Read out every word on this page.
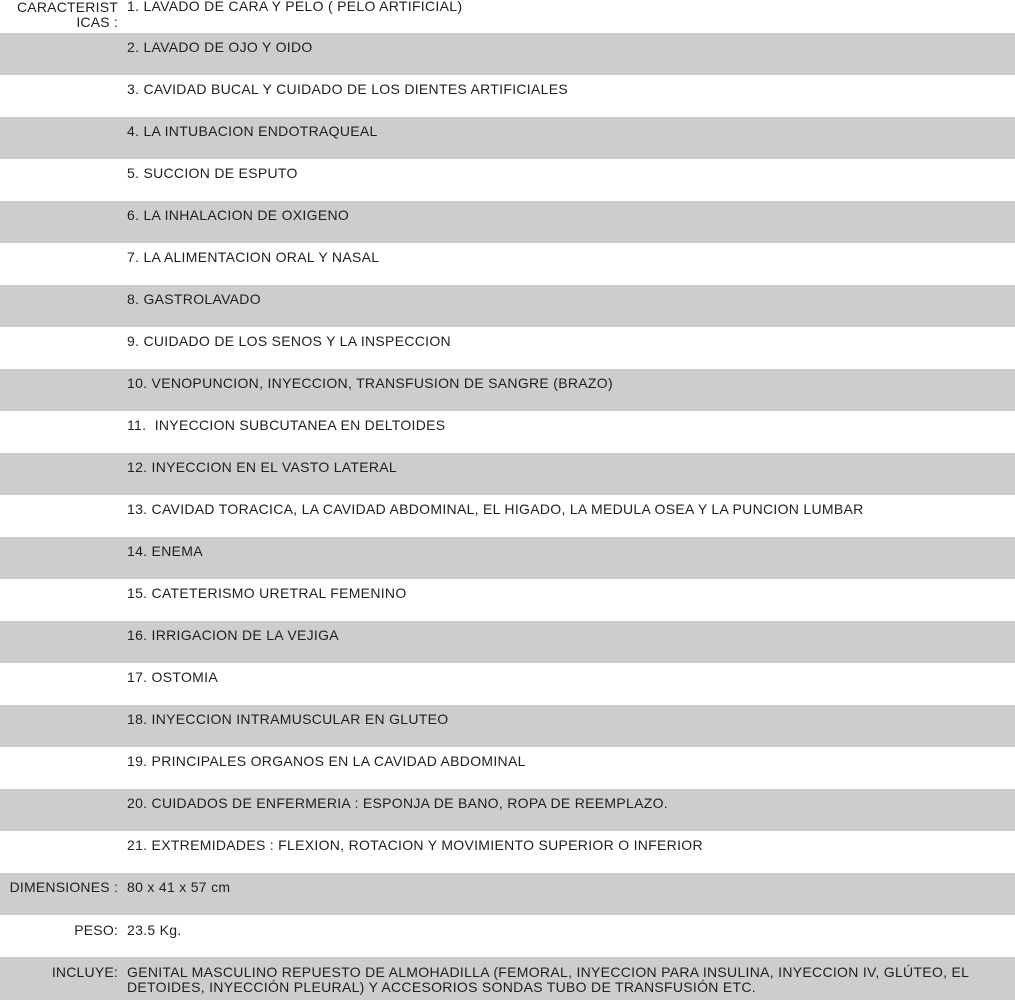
CARACTERIST ICAS :
1. LAVADO DE CARA Y PELO ( PELO ARTIFICIAL)
2. LAVADO DE OJO Y OIDO
3. CAVIDAD BUCAL Y CUIDADO DE LOS DIENTES ARTIFICIALES
4. LA INTUBACION ENDOTRAQUEAL
5. SUCCION DE ESPUTO
6. LA INHALACION DE OXIGENO
7. LA ALIMENTACION ORAL Y NASAL
8. GASTROLAVADO
9. CUIDADO DE LOS SENOS Y LA INSPECCION
10. VENOPUNCION, INYECCION, TRANSFUSION DE SANGRE (BRAZO)
11.  INYECCION SUBCUTANEA EN DELTOIDES
12. INYECCION EN EL VASTO LATERAL
13. CAVIDAD TORACICA, LA CAVIDAD ABDOMINAL, EL HIGADO, LA MEDULA OSEA Y LA PUNCION LUMBAR
14. ENEMA
15. CATETERISMO URETRAL FEMENINO
16. IRRIGACION DE LA VEJIGA
17. OSTOMIA
18. INYECCION INTRAMUSCULAR EN GLUTEO
19. PRINCIPALES ORGANOS EN LA CAVIDAD ABDOMINAL
20. CUIDADOS DE ENFERMERIA : ESPONJA DE BANO, ROPA DE REEMPLAZO.
21. EXTREMIDADES : FLEXION, ROTACION Y MOVIMIENTO SUPERIOR O INFERIOR
DIMENSIONES : 80 x 41 x 57 cm
PESO: 23.5 Kg.
INCLUYE: GENITAL MASCULINO REPUESTO DE ALMOHADILLA (FEMORAL, INYECCION PARA INSULINA, INYECCION IV, GLÚTEO, EL DETOIDES, INYECCIÓN PLEURAL) Y ACCESORIOS SONDAS TUBO DE TRANSFUSIÓN ETC.
